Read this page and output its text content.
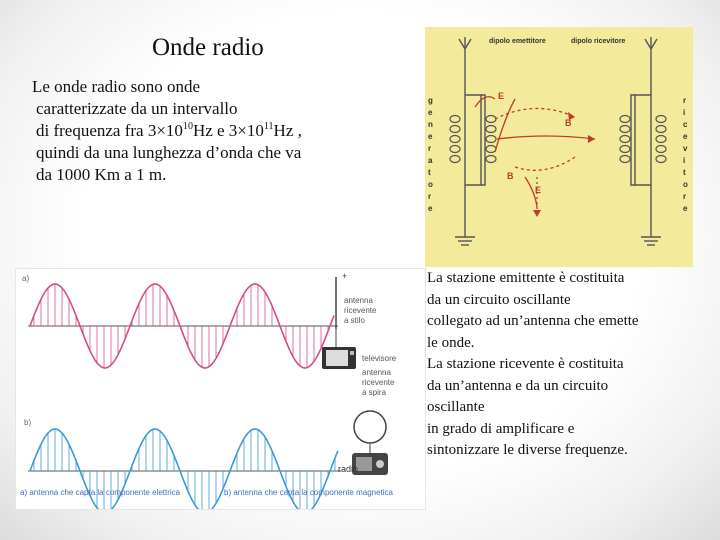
Onde radio
Le onde radio sono onde
caratterizzate da un intervallo
di frequenza fra $3\times 10^{10}Hz$ e $3\times 10^{11}Hz$ ,
quindi da una lunghezza d’onda che va
da 1000 Km a 1 m.
dipolo emettitore	dipolo ricevitore
E
B
B
E
g
e
n
e
r
a
t
o
r
e
r
i
c
e
v
i
t
o
r
e
a)
b)
+
antenna
ricevente
a stilo
televisore
antenna
ricevente
a spira
radio
a) antenna che capta la componente elettrica	b) antenna che capta la componente magnetica
La stazione emittente è costituita
da un circuito oscillante
collegato ad un’antenna che emette
le onde.
La stazione ricevente è costituita
da un’antenna e da un circuito
oscillante
in grado di amplificare e
sintonizzare le diverse frequenze.
